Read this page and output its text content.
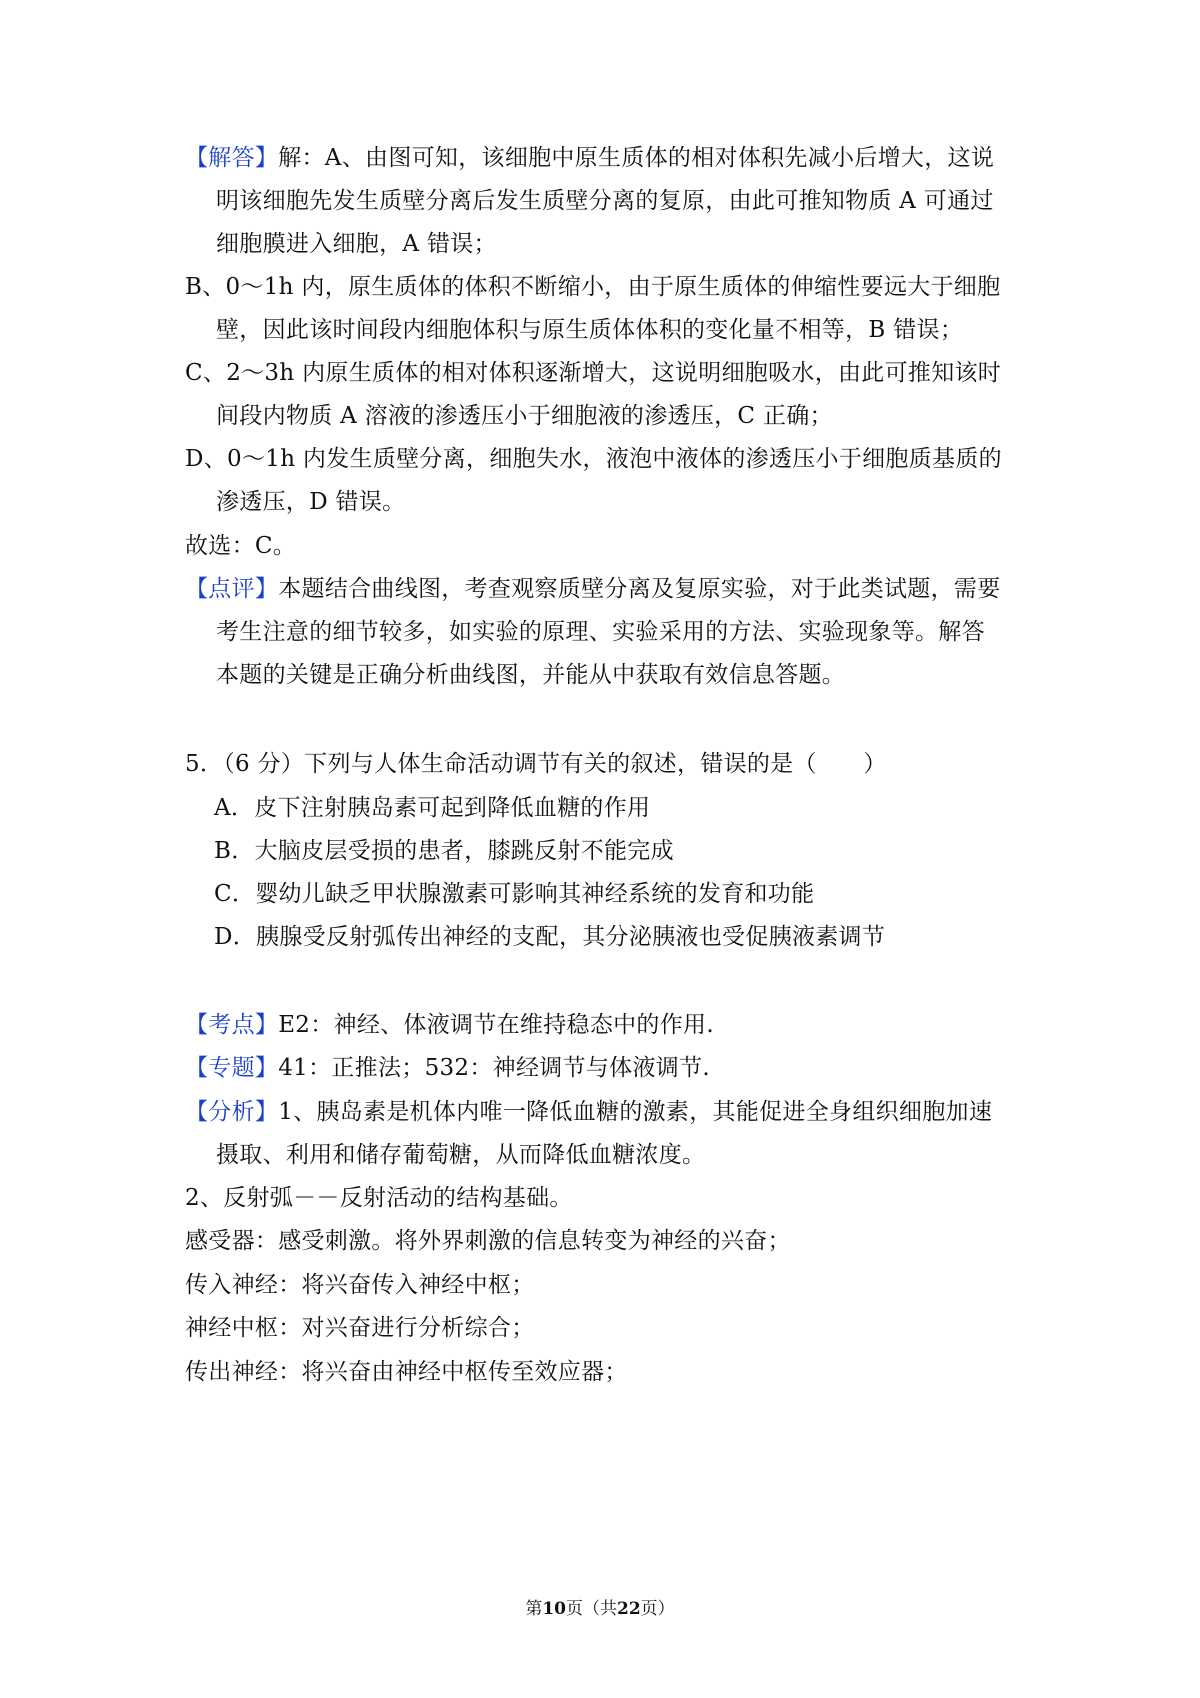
【解答】解：A、由图可知，该细胞中原生质体的相对体积先减小后增大，这说
明该细胞先发生质壁分离后发生质壁分离的复原，由此可推知物质 A 可通过
细胞膜进入细胞，A 错误；
B、0～1h 内，原生质体的体积不断缩小，由于原生质体的伸缩性要远大于细胞
壁，因此该时间段内细胞体积与原生质体体积的变化量不相等，B 错误；
C、2～3h 内原生质体的相对体积逐渐增大，这说明细胞吸水，由此可推知该时
间段内物质 A 溶液的渗透压小于细胞液的渗透压，C 正确；
D、0～1h 内发生质壁分离，细胞失水，液泡中液体的渗透压小于细胞质基质的
渗透压，D 错误。
故选：C。
【点评】本题结合曲线图，考查观察质壁分离及复原实验，对于此类试题，需要
考生注意的细节较多，如实验的原理、实验采用的方法、实验现象等。解答
本题的关键是正确分析曲线图，并能从中获取有效信息答题。
5．（6 分）下列与人体生命活动调节有关的叙述，错误的是（　　）
A．皮下注射胰岛素可起到降低血糖的作用
B．大脑皮层受损的患者，膝跳反射不能完成
C．婴幼儿缺乏甲状腺激素可影响其神经系统的发育和功能
D．胰腺受反射弧传出神经的支配，其分泌胰液也受促胰液素调节
【考点】E2：神经、体液调节在维持稳态中的作用.
【专题】41：正推法；532：神经调节与体液调节.
【分析】1、胰岛素是机体内唯一降低血糖的激素，其能促进全身组织细胞加速
摄取、利用和储存葡萄糖，从而降低血糖浓度。
2、反射弧－－反射活动的结构基础。
感受器：感受刺激。将外界刺激的信息转变为神经的兴奋；
传入神经：将兴奋传入神经中枢；
神经中枢：对兴奋进行分析综合；
传出神经：将兴奋由神经中枢传至效应器；
第10页（共22页）
